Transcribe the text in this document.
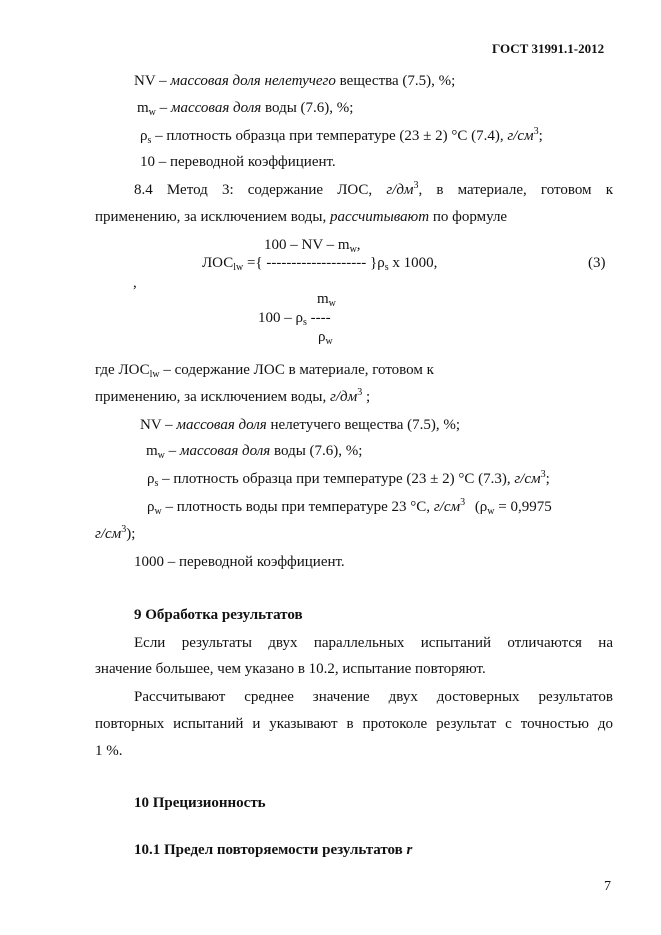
ГОСТ 31991.1-2012
NV – массовая доля нелетучего вещества (7.5), %;
$m_w$ – массовая доля воды (7.6), %;
$\rho_s$ – плотность образца при температуре (23 ± 2) °С (7.4), $г/см^3$;
10 – переводной коэффициент.
8.4 Метод 3: содержание ЛОС, $г/дм^3$, в материале, готовом к
применению, за исключением воды, рассчитывают по формуле
100 – NV – $m_w$,
$ЛОС_{lw}$ ={ -------------------- }$\rho_s$ х 1000,	(3)
,
$m_w$
$100 - \rho_s$ ----
$\rho_w$
где $ЛОС_{lw}$ – содержание ЛОС в материале, готовом к
применению, за исключением воды, $г/дм^3$ ;
NV – массовая доля нелетучего вещества (7.5), %;
$m_w$ – массовая доля воды (7.6), %;
$\rho_s$ – плотность образца при температуре (23 ± 2) °С (7.3), $г/см^3$;
$\rho_w$ – плотность воды при температуре 23 °С, $г/см^3$ ($\rho_w = 0,9975$
$г/см^3$);
1000 – переводной коэффициент.
9 Обработка результатов
Если результаты двух параллельных испытаний отличаются на
значение большее, чем указано в 10.2, испытание повторяют.
Рассчитывают среднее значение двух достоверных результатов
повторных испытаний и указывают в протоколе результат с точностью до
1 %.
10 Прецизионность
10.1 Предел повторяемости результатов r
7
